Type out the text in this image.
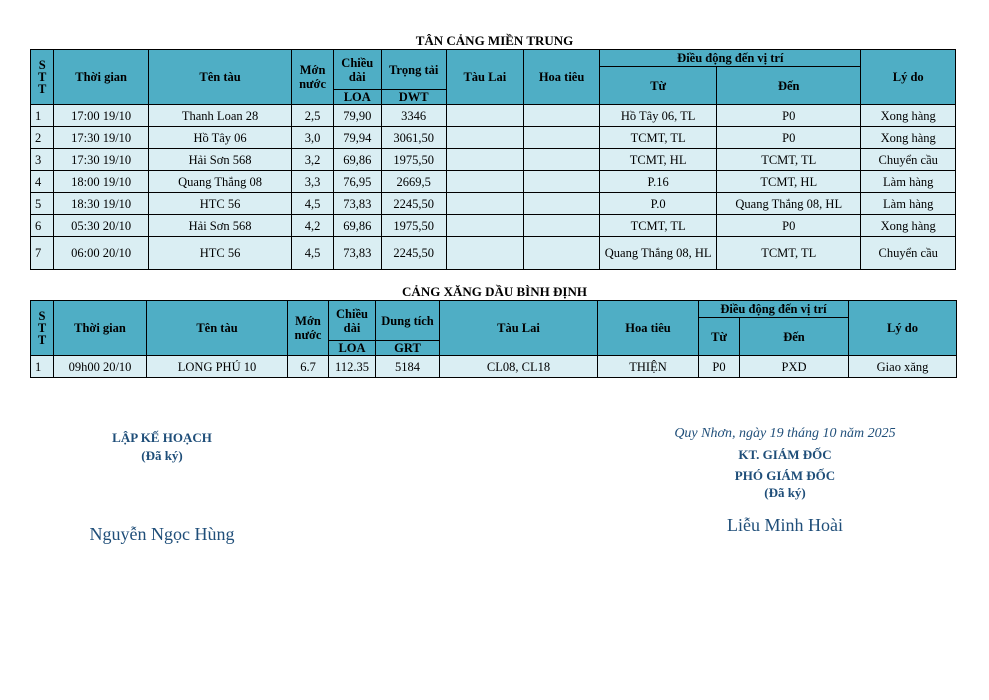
TÂN CẢNG MIỀN TRUNG
S
T
T	Thời gian	Tên tàu	Mớn nước	Chiều dài	Trọng tải	Tàu Lai	Hoa tiêu	Điều động đến vị trí		Lý do
								Từ	Đến	
				LOA	DWT					
1	17:00 19/10	Thanh Loan 28	2,5	79,90	3346			Hồ Tây 06, TL	P0	Xong hàng
2	17:30 19/10	Hồ Tây 06	3,0	79,94	3061,50			TCMT, TL	P0	Xong hàng
3	17:30 19/10	Hải Sơn 568	3,2	69,86	1975,50			TCMT, HL	TCMT, TL	Chuyển cầu
4	18:00 19/10	Quang Thắng 08	3,3	76,95	2669,5			P.16	TCMT, HL	Làm hàng
5	18:30 19/10	HTC 56	4,5	73,83	2245,50			P.0	Quang Thắng 08, HL	Làm hàng
6	05:30 20/10	Hải Sơn 568	4,2	69,86	1975,50			TCMT, TL	P0	Xong hàng
7	06:00 20/10	HTC 56	4,5	73,83	2245,50			Quang Thắng 08, HL	TCMT, TL	Chuyển cầu
CẢNG XĂNG DẦU BÌNH ĐỊNH
S
T
T	Thời gian	Tên tàu	Mớn nước	Chiều dài	Dung tích	Tàu Lai	Hoa tiêu	Điều động đến vị trí		Lý do
								Từ	Đến	
				LOA	GRT					
1	09h00 20/10	LONG PHÚ 10	6.7	112.35	5184	CL08, CL18	THIỆN	P0	PXD	Giao xăng
LẬP KẾ HOẠCH
(Đã ký)
Nguyễn Ngọc Hùng
Quy Nhơn, ngày 19 tháng 10 năm 2025
KT. GIÁM ĐỐC
PHÓ GIÁM ĐỐC
(Đã ký)
Liễu Minh Hoài
